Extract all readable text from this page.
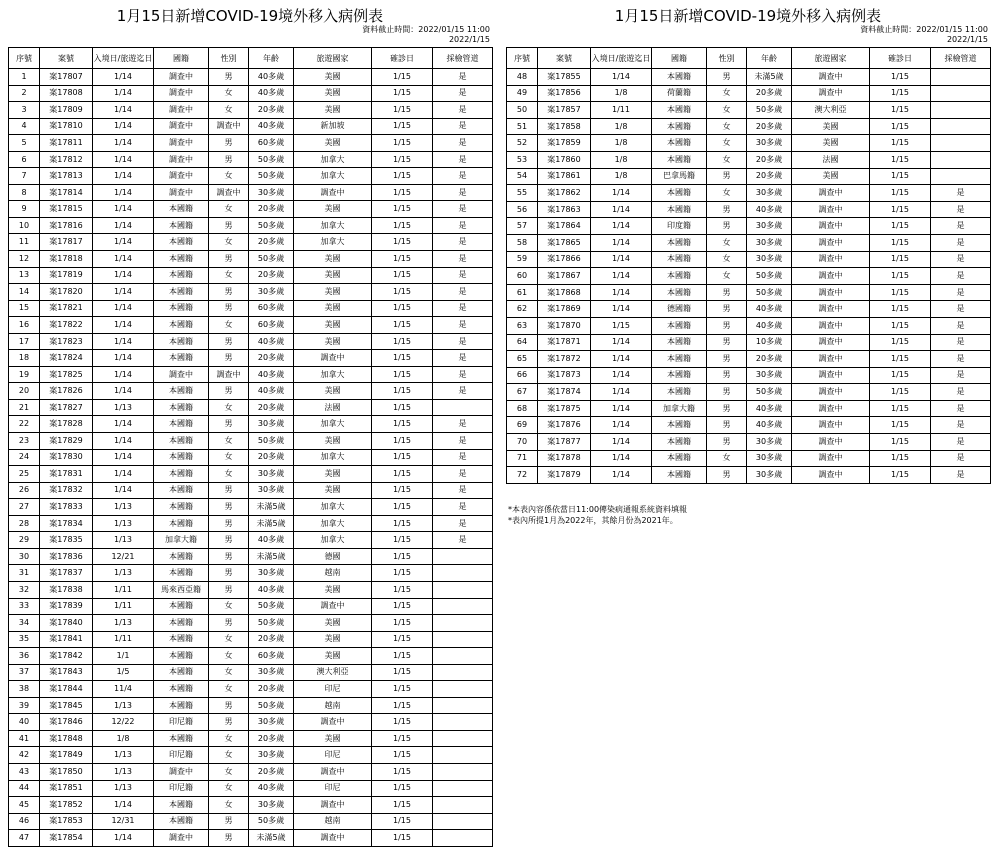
1月15日新增COVID-19境外移入病例表
資料截止時間：2022/01/15 11:00
2022/1/15
序號	案號	入境日/旅遊迄日	國籍	性別	年齡	旅遊國家	確診日	採檢管道
1	案17807	1/14	調查中	男	40多歲	美國	1/15	是
2	案17808	1/14	調查中	女	40多歲	美國	1/15	是
3	案17809	1/14	調查中	女	20多歲	美國	1/15	是
4	案17810	1/14	調查中	調查中	40多歲	新加坡	1/15	是
5	案17811	1/14	調查中	男	60多歲	美國	1/15	是
6	案17812	1/14	調查中	男	50多歲	加拿大	1/15	是
7	案17813	1/14	調查中	女	50多歲	加拿大	1/15	是
8	案17814	1/14	調查中	調查中	30多歲	調查中	1/15	是
9	案17815	1/14	本國籍	女	20多歲	美國	1/15	是
10	案17816	1/14	本國籍	男	50多歲	加拿大	1/15	是
11	案17817	1/14	本國籍	女	20多歲	加拿大	1/15	是
12	案17818	1/14	本國籍	男	50多歲	美國	1/15	是
13	案17819	1/14	本國籍	女	20多歲	美國	1/15	是
14	案17820	1/14	本國籍	男	30多歲	美國	1/15	是
15	案17821	1/14	本國籍	男	60多歲	美國	1/15	是
16	案17822	1/14	本國籍	女	60多歲	美國	1/15	是
17	案17823	1/14	本國籍	男	40多歲	美國	1/15	是
18	案17824	1/14	本國籍	男	20多歲	調查中	1/15	是
19	案17825	1/14	調查中	調查中	40多歲	加拿大	1/15	是
20	案17826	1/14	本國籍	男	40多歲	美國	1/15	是
21	案17827	1/13	本國籍	女	20多歲	法國	1/15	
22	案17828	1/14	本國籍	男	30多歲	加拿大	1/15	是
23	案17829	1/14	本國籍	女	50多歲	美國	1/15	是
24	案17830	1/14	本國籍	女	20多歲	加拿大	1/15	是
25	案17831	1/14	本國籍	女	30多歲	美國	1/15	是
26	案17832	1/14	本國籍	男	30多歲	美國	1/15	是
27	案17833	1/13	本國籍	男	未滿5歲	加拿大	1/15	是
28	案17834	1/13	本國籍	男	未滿5歲	加拿大	1/15	是
29	案17835	1/13	加拿大籍	男	40多歲	加拿大	1/15	是
30	案17836	12/21	本國籍	男	未滿5歲	德國	1/15	
31	案17837	1/13	本國籍	男	30多歲	越南	1/15	
32	案17838	1/11	馬來西亞籍	男	40多歲	美國	1/15	
33	案17839	1/11	本國籍	女	50多歲	調查中	1/15	
34	案17840	1/13	本國籍	男	50多歲	美國	1/15	
35	案17841	1/11	本國籍	女	20多歲	美國	1/15	
36	案17842	1/1	本國籍	女	60多歲	美國	1/15	
37	案17843	1/5	本國籍	女	30多歲	澳大利亞	1/15	
38	案17844	11/4	本國籍	女	20多歲	印尼	1/15	
39	案17845	1/13	本國籍	男	50多歲	越南	1/15	
40	案17846	12/22	印尼籍	男	30多歲	調查中	1/15	
41	案17848	1/8	本國籍	女	20多歲	美國	1/15	
42	案17849	1/13	印尼籍	女	30多歲	印尼	1/15	
43	案17850	1/13	調查中	女	20多歲	調查中	1/15	
44	案17851	1/13	印尼籍	女	40多歲	印尼	1/15	
45	案17852	1/14	本國籍	女	30多歲	調查中	1/15	
46	案17853	12/31	本國籍	男	50多歲	越南	1/15	
47	案17854	1/14	調查中	男	未滿5歲	調查中	1/15	
1月15日新增COVID-19境外移入病例表
資料截止時間：2022/01/15 11:00
2022/1/15
序號	案號	入境日/旅遊迄日	國籍	性別	年齡	旅遊國家	確診日	採檢管道
48	案17855	1/14	本國籍	男	未滿5歲	調查中	1/15	
49	案17856	1/8	荷蘭籍	女	20多歲	調查中	1/15	
50	案17857	1/11	本國籍	女	50多歲	澳大利亞	1/15	
51	案17858	1/8	本國籍	女	20多歲	美國	1/15	
52	案17859	1/8	本國籍	女	30多歲	美國	1/15	
53	案17860	1/8	本國籍	女	20多歲	法國	1/15	
54	案17861	1/8	巴拿馬籍	男	20多歲	美國	1/15	
55	案17862	1/14	本國籍	女	30多歲	調查中	1/15	是
56	案17863	1/14	本國籍	男	40多歲	調查中	1/15	是
57	案17864	1/14	印度籍	男	30多歲	調查中	1/15	是
58	案17865	1/14	本國籍	女	30多歲	調查中	1/15	是
59	案17866	1/14	本國籍	女	30多歲	調查中	1/15	是
60	案17867	1/14	本國籍	女	50多歲	調查中	1/15	是
61	案17868	1/14	本國籍	男	50多歲	調查中	1/15	是
62	案17869	1/14	德國籍	男	40多歲	調查中	1/15	是
63	案17870	1/15	本國籍	男	40多歲	調查中	1/15	是
64	案17871	1/14	本國籍	男	10多歲	調查中	1/15	是
65	案17872	1/14	本國籍	男	20多歲	調查中	1/15	是
66	案17873	1/14	本國籍	男	30多歲	調查中	1/15	是
67	案17874	1/14	本國籍	男	50多歲	調查中	1/15	是
68	案17875	1/14	加拿大籍	男	40多歲	調查中	1/15	是
69	案17876	1/14	本國籍	男	40多歲	調查中	1/15	是
70	案17877	1/14	本國籍	男	30多歲	調查中	1/15	是
71	案17878	1/14	本國籍	女	30多歲	調查中	1/15	是
72	案17879	1/14	本國籍	男	30多歲	調查中	1/15	是
*本表內容係依當日11:00傳染病通報系統資料填報
*表內所提1月為2022年，其餘月份為2021年。
